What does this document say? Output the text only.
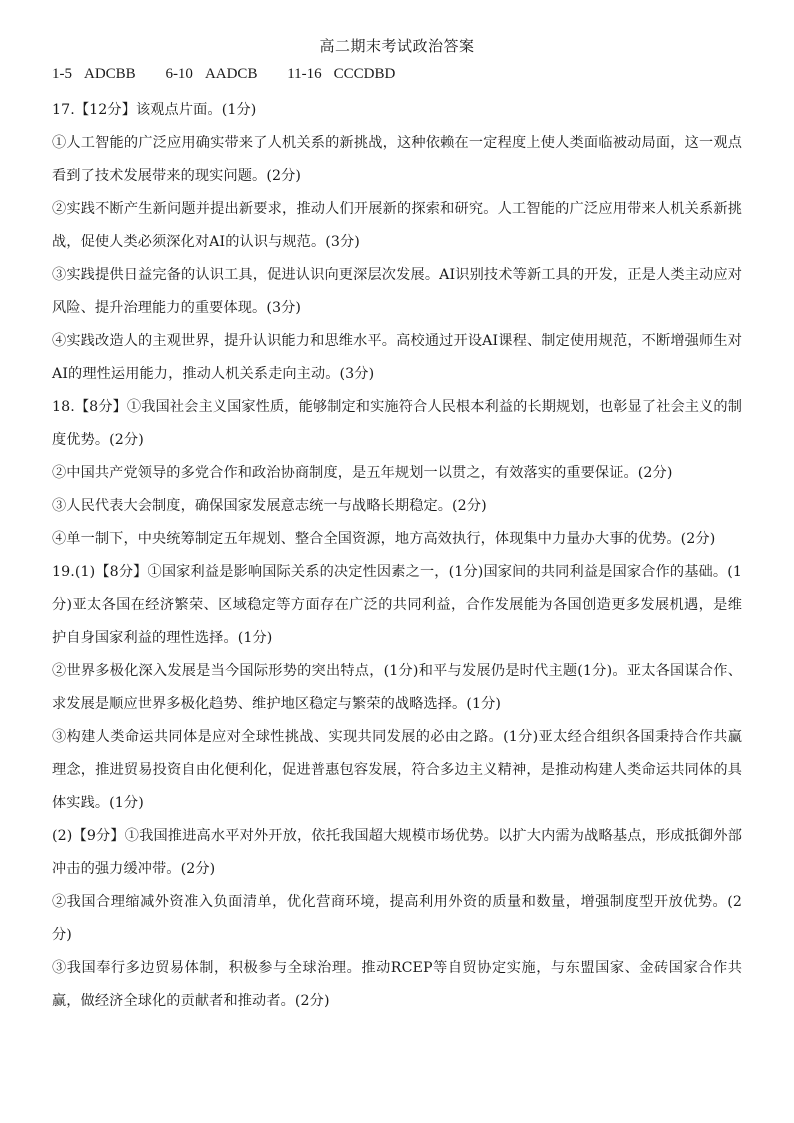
高二期末考试政治答案
1-5 ADCBB 6-10 AADCB 11-16 CCCDBD

17.【12分】该观点片面。(1分)

①人工智能的广泛应用确实带来了人机关系的新挑战，这种依赖在一定程度上使人类面临被动局面，这一观点看到了技术发展带来的现实问题。(2分)

②实践不断产生新问题并提出新要求，推动人们开展新的探索和研究。人工智能的广泛应用带来人机关系新挑战，促使人类必须深化对AI的认识与规范。(3分)

③实践提供日益完备的认识工具，促进认识向更深层次发展。AI识别技术等新工具的开发，正是人类主动应对风险、提升治理能力的重要体现。(3分)

④实践改造人的主观世界，提升认识能力和思维水平。高校通过开设AI课程、制定使用规范，不断增强师生对AI的理性运用能力，推动人机关系走向主动。(3分)

18.【8分】①我国社会主义国家性质，能够制定和实施符合人民根本利益的长期规划，也彰显了社会主义的制度优势。(2分)

②中国共产党领导的多党合作和政治协商制度，是五年规划一以贯之，有效落实的重要保证。(2分)

③人民代表大会制度，确保国家发展意志统一与战略长期稳定。(2分)

④单一制下，中央统筹制定五年规划、整合全国资源，地方高效执行，体现集中力量办大事的优势。(2分)

19.(1)【8分】①国家利益是影响国际关系的决定性因素之一，(1分)国家间的共同利益是国家合作的基础。(1分)亚太各国在经济繁荣、区域稳定等方面存在广泛的共同利益，合作发展能为各国创造更多发展机遇，是维护自身国家利益的理性选择。(1分)

②世界多极化深入发展是当今国际形势的突出特点，(1分)和平与发展仍是时代主题(1分)。亚太各国谋合作、求发展是顺应世界多极化趋势、维护地区稳定与繁荣的战略选择。(1分)

③构建人类命运共同体是应对全球性挑战、实现共同发展的必由之路。(1分)亚太经合组织各国秉持合作共赢理念，推进贸易投资自由化便利化，促进普惠包容发展，符合多边主义精神，是推动构建人类命运共同体的具体实践。(1分)

(2)【9分】①我国推进高水平对外开放，依托我国超大规模市场优势。以扩大内需为战略基点，形成抵御外部冲击的强力缓冲带。(2分)

②我国合理缩减外资准入负面清单，优化营商环境，提高利用外资的质量和数量，增强制度型开放优势。(2分)

③我国奉行多边贸易体制，积极参与全球治理。推动RCEP等自贸协定实施，与东盟国家、金砖国家合作共赢，做经济全球化的贡献者和推动者。(2分)
